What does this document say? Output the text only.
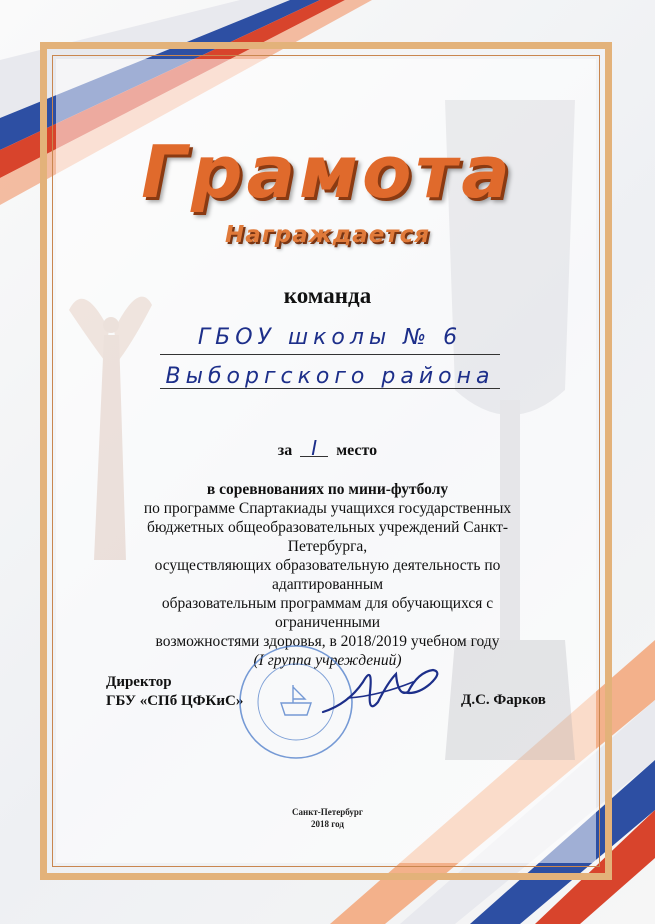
Грамота
Награждается
команда
ГБОУ школы № 6
Выборгского района
за I место
в соревнованиях по мини-футболу
по программе Спартакиады учащихся государственных
бюджетных общеобразовательных учреждений Санкт-Петербурга,
осуществляющих образовательную деятельность по адаптированным
образовательным программам для обучающихся с ограниченными
возможностями здоровья, в 2018/2019 учебном году
(I группа учреждений)
Директор
ГБУ «СПб ЦФКиС»	Д.С. Фарков
Санкт-Петербург
2018 год
